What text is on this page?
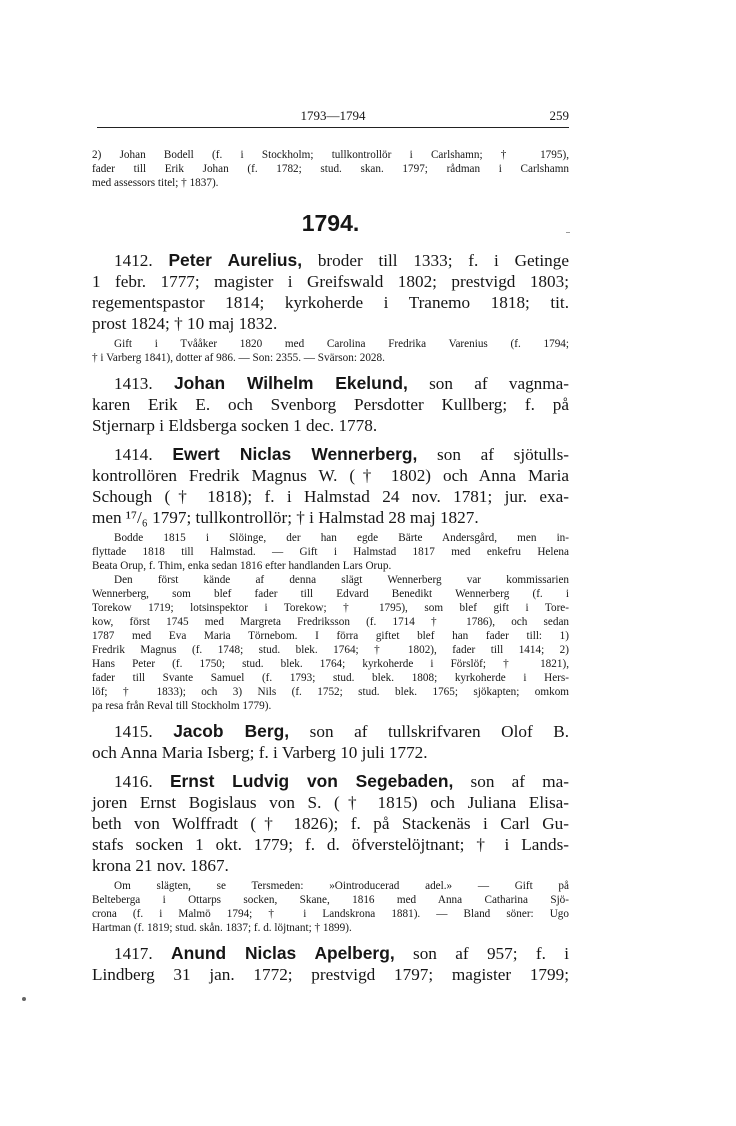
1793—1794	259
2) Johan Bodell (f. i Stockholm; tullkontrollör i Carlshamn; † 1795),
fader till Erik Johan (f. 1782; stud. skan. 1797; rådman i Carlshamn
med assessors titel; † 1837).
1794.
1412. Peter Aurelius, broder till 1333; f. i Getinge
1 febr. 1777; magister i Greifswald 1802; prestvigd 1803;
regementspastor 1814; kyrkoherde i Tranemo 1818; tit.
prost 1824; † 10 maj 1832.
Gift i Tvååker 1820 med Carolina Fredrika Varenius (f. 1794;
† i Varberg 1841), dotter af 986. — Son: 2355. — Svärson: 2028.
1413. Johan Wilhelm Ekelund, son af vagnma-
karen Erik E. och Svenborg Persdotter Kullberg; f. på
Stjernarp i Eldsberga socken 1 dec. 1778.
1414. Ewert Niclas Wennerberg, son af sjötulls-
kontrollören Fredrik Magnus W. († 1802) och Anna Maria
Schough († 1818); f. i Halmstad 24 nov. 1781; jur. exa-
men ¹⁷/₆ 1797; tullkontrollör; † i Halmstad 28 maj 1827.
Bodde 1815 i Slöinge, der han egde Bärte Andersgård, men in-
flyttade 1818 till Halmstad. — Gift i Halmstad 1817 med enkefru Helena
Beata Orup, f. Thim, enka sedan 1816 efter handlanden Lars Orup.
Den först kände af denna slägt Wennerberg var kommissarien
Wennerberg, som blef fader till Edvard Benedikt Wennerberg (f. i
Torekow 1719; lotsinspektor i Torekow; † 1795), som blef gift i Tore-
kow, först 1745 med Margreta Fredriksson (f. 1714 † 1786), och sedan
1787 med Eva Maria Törnebom. I förra giftet blef han fader till: 1)
Fredrik Magnus (f. 1748; stud. blek. 1764; † 1802), fader till 1414; 2)
Hans Peter (f. 1750; stud. blek. 1764; kyrkoherde i Förslöf; † 1821),
fader till Svante Samuel (f. 1793; stud. blek. 1808; kyrkoherde i Hers-
löf; † 1833); och 3) Nils (f. 1752; stud. blek. 1765; sjökapten; omkom
pa resa från Reval till Stockholm 1779).
1415. Jacob Berg, son af tullskrifvaren Olof B.
och Anna Maria Isberg; f. i Varberg 10 juli 1772.
1416. Ernst Ludvig von Segebaden, son af ma-
joren Ernst Bogislaus von S. († 1815) och Juliana Elisa-
beth von Wolffradt († 1826); f. på Stackenäs i Carl Gu-
stafs socken 1 okt. 1779; f. d. öfverstelöjtnant; † i Lands-
krona 21 nov. 1867.
Om slägten, se Tersmeden: »Ointroducerad adel.» — Gift på
Belteberga i Ottarps socken, Skane, 1816 med Anna Catharina Sjö-
crona (f. i Malmö 1794; † i Landskrona 1881). — Bland söner: Ugo
Hartman (f. 1819; stud. skån. 1837; f. d. löjtnant; † 1899).
1417. Anund Niclas Apelberg, son af 957; f. i
Lindberg 31 jan. 1772; prestvigd 1797; magister 1799;
